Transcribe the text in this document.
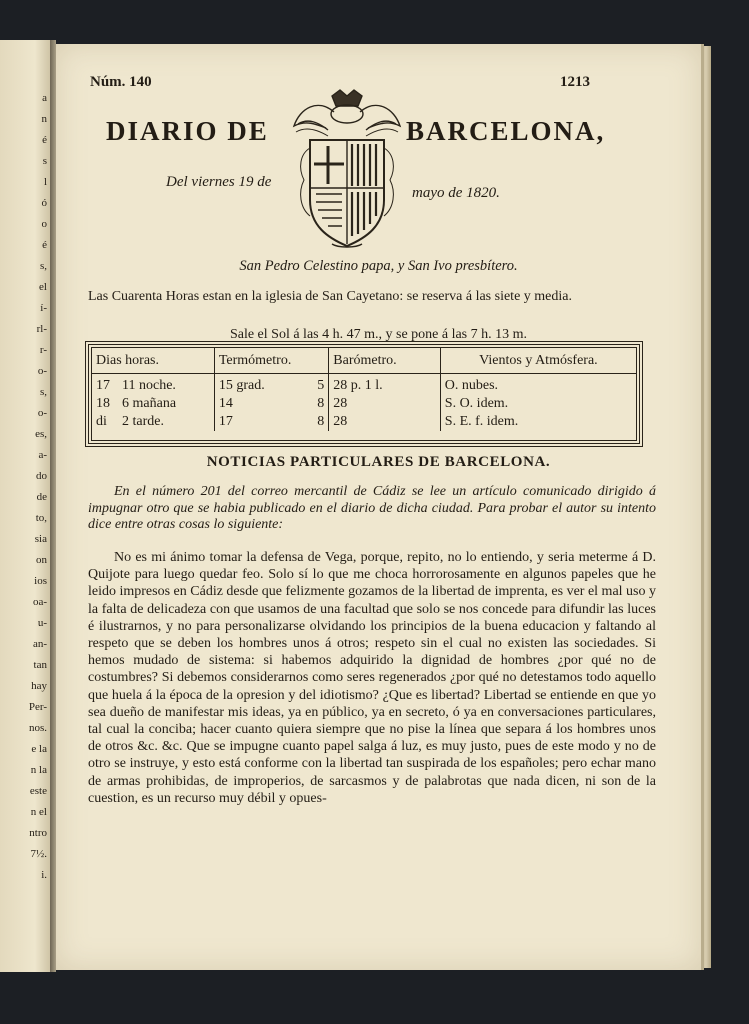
a
n
é
s
l
ó
o
é
s,
el
í-
rl-
r-
o-
s,
o-
es,
a-
do
de
to,
sia
on
ios
oa-
u-
an-
tan
hay
Per-
nos.
e la
n la
este
n el
ntro
7½.
i.
Núm. 140	1213
DIARIO DE	BARCELONA,
Del viernes 19 de
mayo de 1820.
San Pedro Celestino papa, y San Ivo presbítero.
Las Cuarenta Horas estan en la iglesia de San Cayetano: se reserva á las siete y media.
Sale el Sol á las 4 h. 47 m., y se pone á las 7 h. 13 m.
Dias horas.		Termómetro.		Barómetro.	Vientos y Atmósfera.
17	11 noche.	15 grad.	5	28 p. 1 l.	O. nubes.
18	6 mañana	14	8	28	S. O. idem.
di	2 tarde.	17	8	28	S. E. f. idem.
NOTICIAS PARTICULARES DE BARCELONA.
En el número 201 del correo mercantil de Cádiz se lee un artículo comunicado dirigido á impugnar otro que se habia publicado en el diario de dicha ciudad. Para probar el autor su intento dice entre otras cosas lo siguiente:
No es mi ánimo tomar la defensa de Vega, porque, repito, no lo entiendo, y seria meterme á D. Quijote para luego quedar feo. Solo sí lo que me choca horrorosamente en algunos papeles que he leido impresos en Cádiz desde que felizmente gozamos de la libertad de imprenta, es ver el mal uso y la falta de delicadeza con que usamos de una facultad que solo se nos concede para difundir las luces é ilustrarnos, y no para personalizarse olvidando los principios de la buena educacion y faltando al respeto que se deben los hombres unos á otros; respeto sin el cual no existen las sociedades. Si hemos mudado de sistema: si habemos adquirido la dignidad de hombres ¿por qué no de costumbres? Si debemos considerarnos como seres regenerados ¿por qué no detestamos todo aquello que huela á la época de la opresion y del idiotismo? ¿Que es libertad? Libertad se entiende en que yo sea dueño de manifestar mis ideas, ya en público, ya en secreto, ó ya en conversaciones particulares, tal cual la conciba; hacer cuanto quiera siempre que no pise la línea que separa á los hombres unos de otros &c. &c. Que se impugne cuanto papel salga á luz, es muy justo, pues de este modo y no de otro se instruye, y esto está conforme con la libertad tan suspirada de los españoles; pero echar mano de armas prohibidas, de improperios, de sarcasmos y de palabrotas que nada dicen, ni son de la cuestion, es un recurso muy débil y opues-
